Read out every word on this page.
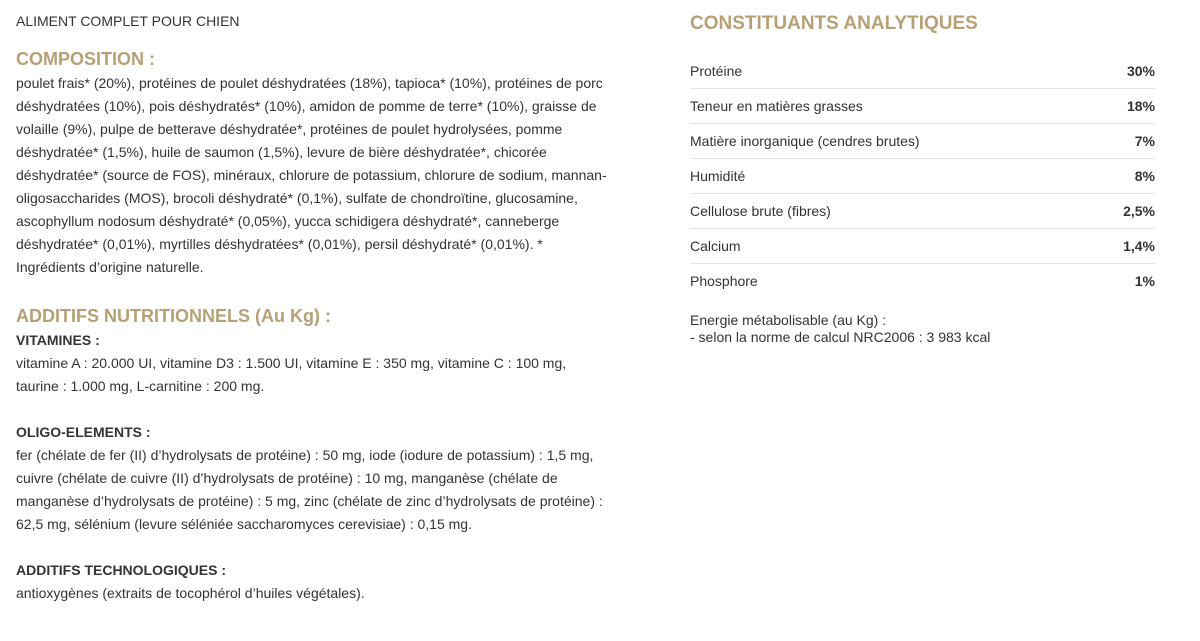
ALIMENT COMPLET POUR CHIEN

COMPOSITION :
poulet frais* (20%), protéines de poulet déshydratées (18%), tapioca* (10%), protéines de porc
déshydratées (10%), pois déshydratés* (10%), amidon de pomme de terre* (10%), graisse de
volaille (9%), pulpe de betterave déshydratée*, protéines de poulet hydrolysées, pomme
déshydratée* (1,5%), huile de saumon (1,5%), levure de bière déshydratée*, chicorée
déshydratée* (source de FOS), minéraux, chlorure de potassium, chlorure de sodium, mannan-
oligosaccharides (MOS), brocoli déshydraté* (0,1%), sulfate de chondroïtine, glucosamine,
ascophyllum nodosum déshydraté* (0,05%), yucca schidigera déshydraté*, canneberge
déshydratée* (0,01%), myrtilles déshydratées* (0,01%), persil déshydraté* (0,01%). *
Ingrédients d’origine naturelle.
ADDITIFS NUTRITIONNELS (Au Kg) :

VITAMINES :

vitamine A : 20.000 UI, vitamine D3 : 1.500 UI, vitamine E : 350 mg, vitamine C : 100 mg,
taurine : 1.000 mg, L-carnitine : 200 mg.

OLIGO-ELEMENTS :

fer (chélate de fer (II) d’hydrolysats de protéine) : 50 mg, iode (iodure de potassium) : 1,5 mg,
cuivre (chélate de cuivre (II) d’hydrolysats de protéine) : 10 mg, manganèse (chélate de
manganèse d’hydrolysats de protéine) : 5 mg, zinc (chélate de zinc d’hydrolysats de protéine) :
62,5 mg, sélénium (levure séléniée saccharomyces cerevisiae) : 0,15 mg.

ADDITIFS TECHNOLOGIQUES :

antioxygènes (extraits de tocophérol d’huiles végétales).
CONSTITUANTS ANALYTIQUES
Protéine	30%
Teneur en matières grasses	18%
Matière inorganique (cendres brutes)	7%
Humidité	8%
Cellulose brute (fibres)	2,5%
Calcium	1,4%
Phosphore	1%
Energie métabolisable (au Kg) :
- selon la norme de calcul NRC2006 : 3 983 kcal
